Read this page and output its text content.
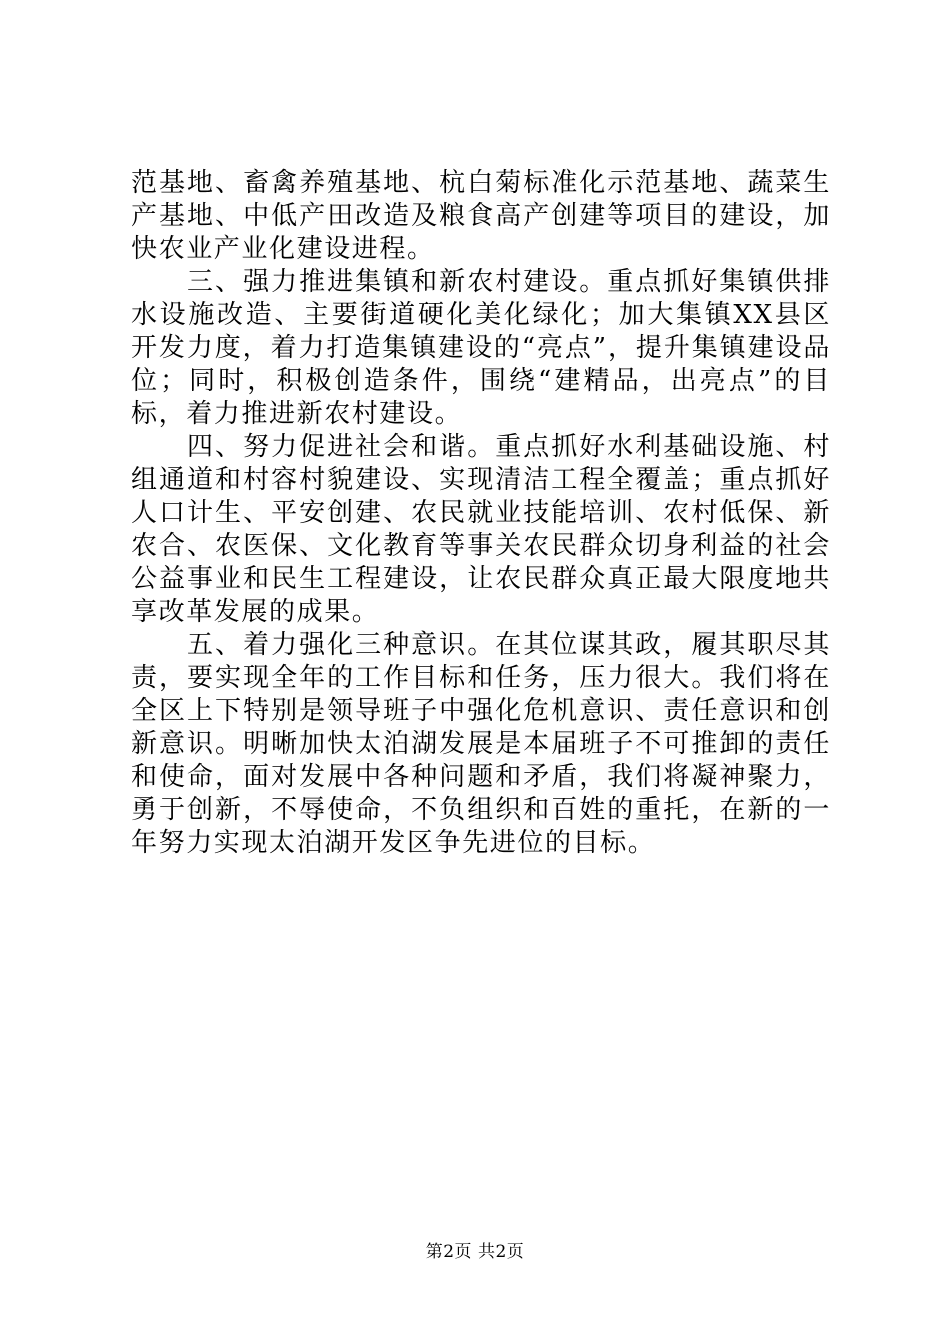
范基地、畜禽养殖基地、杭白菊标准化示范基地、蔬菜生产基地、中低产田改造及粮食高产创建等项目的建设，加快农业产业化建设进程。

　　三、强力推进集镇和新农村建设。重点抓好集镇供排水设施改造、主要街道硬化美化绿化；加大集镇XX县区开发力度，着力打造集镇建设的“亮点”，提升集镇建设品位；同时，积极创造条件，围绕“建精品，出亮点”的目标，着力推进新农村建设。

　　四、努力促进社会和谐。重点抓好水利基础设施、村组通道和村容村貌建设、实现清洁工程全覆盖；重点抓好人口计生、平安创建、农民就业技能培训、农村低保、新农合、农医保、文化教育等事关农民群众切身利益的社会公益事业和民生工程建设，让农民群众真正最大限度地共享改革发展的成果。

　　五、着力强化三种意识。在其位谋其政，履其职尽其责，要实现全年的工作目标和任务，压力很大。我们将在全区上下特别是领导班子中强化危机意识、责任意识和创新意识。明晰加快太泊湖发展是本届班子不可推卸的责任和使命，面对发展中各种问题和矛盾，我们将凝神聚力，勇于创新，不辱使命，不负组织和百姓的重托，在新的一年努力实现太泊湖开发区争先进位的目标。

第2页 共2页
